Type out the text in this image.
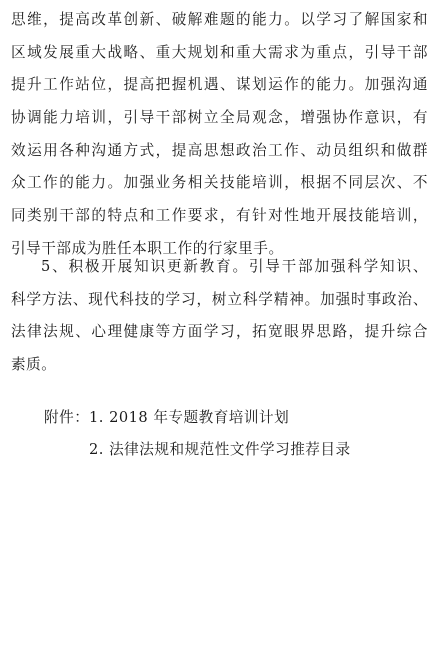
思维，提高改革创新、破解难题的能力。以学习了解国家和
区域发展重大战略、重大规划和重大需求为重点，引导干部
提升工作站位，提高把握机遇、谋划运作的能力。加强沟通
协调能力培训，引导干部树立全局观念，增强协作意识，有
效运用各种沟通方式，提高思想政治工作、动员组织和做群
众工作的能力。加强业务相关技能培训，根据不同层次、不
同类别干部的特点和工作要求，有针对性地开展技能培训，
引导干部成为胜任本职工作的行家里手。
5、积极开展知识更新教育。引导干部加强科学知识、
科学方法、现代科技的学习，树立科学精神。加强时事政治、
法律法规、心理健康等方面学习，拓宽眼界思路，提升综合
素质。
附件： 1. 2018 年专题教育培训计划
2. 法律法规和规范性文件学习推荐目录
